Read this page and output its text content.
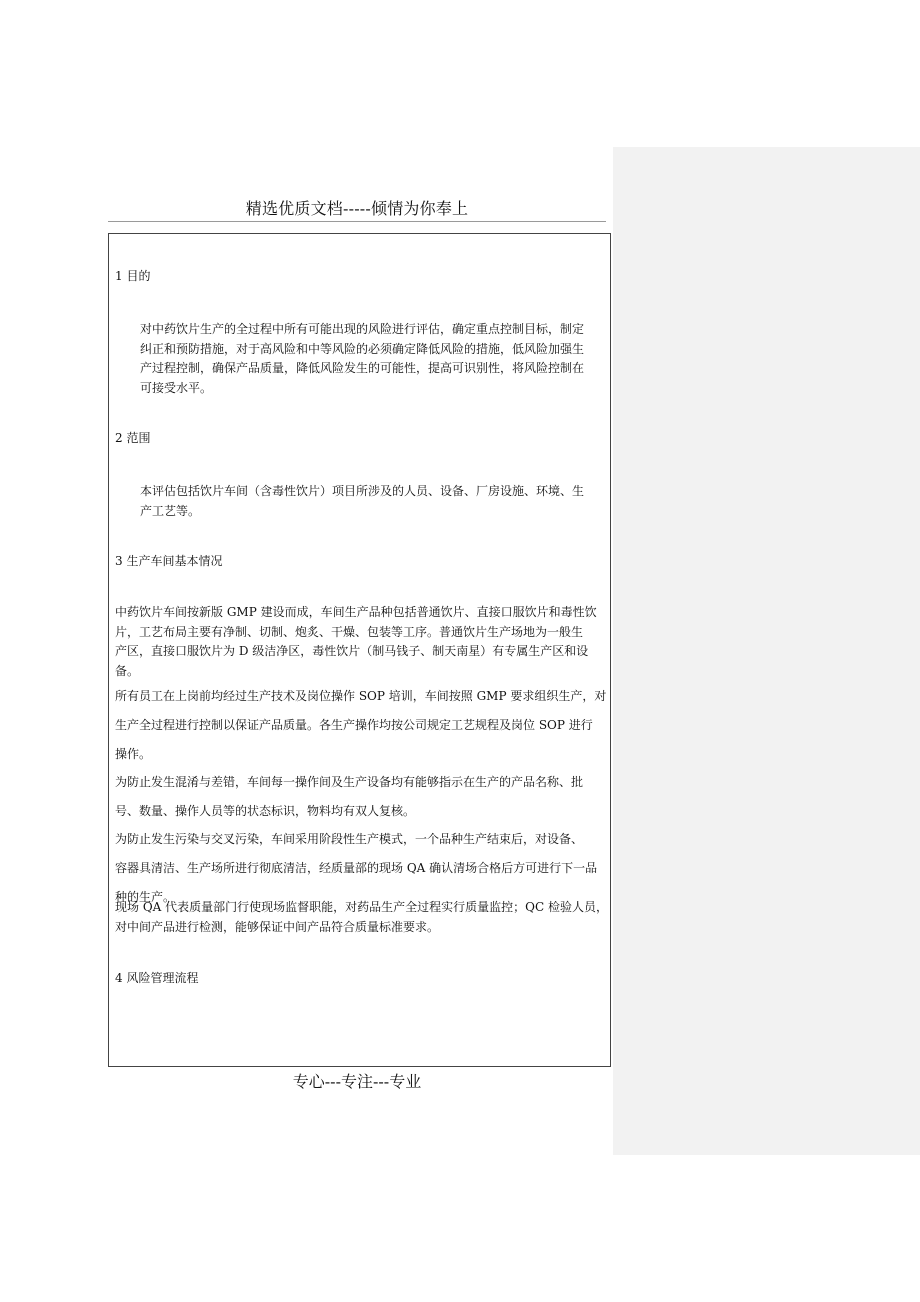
精选优质文档-----倾情为你奉上
1 目的
对中药饮片生产的全过程中所有可能出现的风险进行评估，确定重点控制目标，制定
纠正和预防措施，对于高风险和中等风险的必须确定降低风险的措施，低风险加强生
产过程控制，确保产品质量，降低风险发生的可能性，提高可识别性，将风险控制在
可接受水平。
2 范围
本评估包括饮片车间（含毒性饮片）项目所涉及的人员、设备、厂房设施、环境、生
产工艺等。
3 生产车间基本情况
中药饮片车间按新版 GMP 建设而成，车间生产品种包括普通饮片、直接口服饮片和毒性饮
片，工艺布局主要有净制、切制、炮炙、干燥、包装等工序。普通饮片生产场地为一般生
产区，直接口服饮片为 D 级洁净区，毒性饮片（制马钱子、制天南星）有专属生产区和设
备。
所有员工在上岗前均经过生产技术及岗位操作 SOP 培训，车间按照 GMP 要求组织生产，对
生产全过程进行控制以保证产品质量。各生产操作均按公司规定工艺规程及岗位 SOP 进行
操作。
为防止发生混淆与差错，车间每一操作间及生产设备均有能够指示在生产的产品名称、批
号、数量、操作人员等的状态标识，物料均有双人复核。
为防止发生污染与交叉污染，车间采用阶段性生产模式，一个品种生产结束后，对设备、
容器具清洁、生产场所进行彻底清洁，经质量部的现场 QA 确认清场合格后方可进行下一品
种的生产。
现场 QA 代表质量部门行使现场监督职能，对药品生产全过程实行质量监控；QC 检验人员，
对中间产品进行检测，能够保证中间产品符合质量标准要求。
4 风险管理流程
专心---专注---专业
